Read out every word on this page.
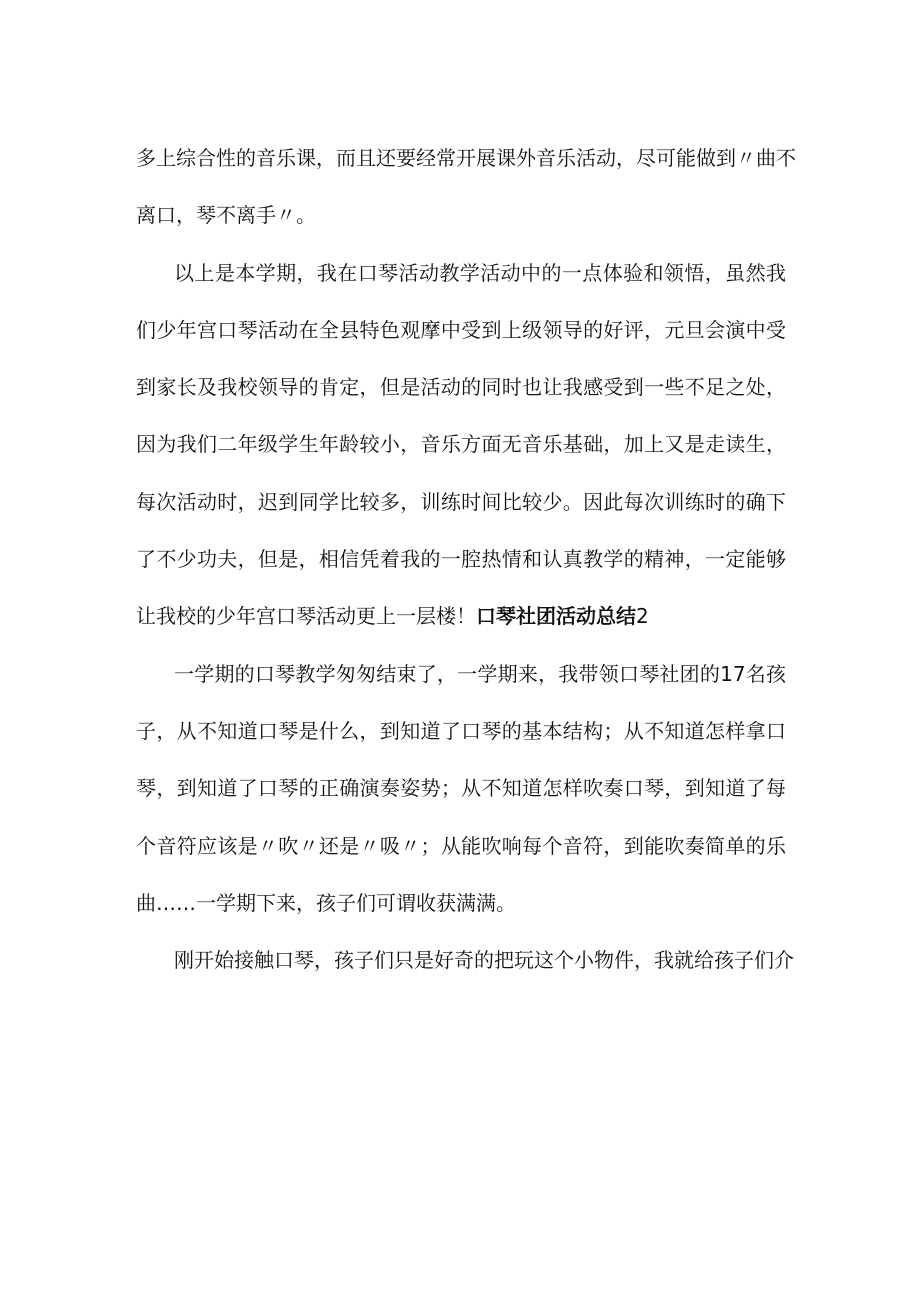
多上综合性的音乐课，而且还要经常开展课外音乐活动，尽可能做到〃曲不
离口，琴不离手〃。
以上是本学期，我在口琴活动教学活动中的一点体验和领悟，虽然我
们少年宫口琴活动在全县特色观摩中受到上级领导的好评，元旦会演中受
到家长及我校领导的肯定，但是活动的同时也让我感受到一些不足之处，
因为我们二年级学生年龄较小，音乐方面无音乐基础，加上又是走读生，
每次活动时，迟到同学比较多，训练时间比较少。因此每次训练时的确下
了不少功夫，但是，相信凭着我的一腔热情和认真教学的精神，一定能够
让我校的少年宫口琴活动更上一层楼！口琴社团活动总结2
一学期的口琴教学匆匆结束了，一学期来，我带领口琴社团的17名孩
子，从不知道口琴是什么，到知道了口琴的基本结构；从不知道怎样拿口
琴，到知道了口琴的正确演奏姿势；从不知道怎样吹奏口琴，到知道了每
个音符应该是〃吹〃还是〃吸〃；从能吹响每个音符，到能吹奏简单的乐
曲……一学期下来，孩子们可谓收获满满。
刚开始接触口琴，孩子们只是好奇的把玩这个小物件，我就给孩子们介
